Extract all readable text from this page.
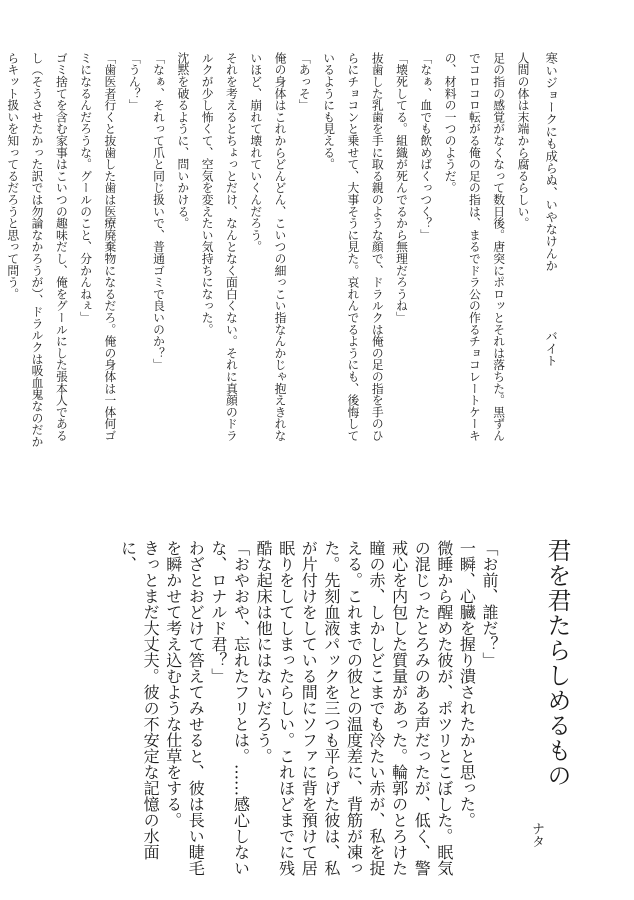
寒いジョークにも成らぬ、いやなけんか
バイト
人間の体は末端から腐るらしい。
足の指の感覚がなくなって数日後。唐突にポロッとそれは落ちた。黒ずんでコロコロ転がる俺の足の指は、まるでドラ公の作るチョコレートケーキの、材料の一つのようだ。
「なぁ、血でも飲めばくっつく？」
「壊死してる。組織が死んでるから無理だろうね」
抜歯した乳歯を手に取る親のような顔で、ドラルクは俺の足の指を手のひらにチョコンと乗せて、大事そうに見た。哀れんでるようにも、後悔しているようにも見える。
「あっそ」
俺の身体はこれからどんどん、こいつの細っこい指なんかじゃ抱えきれないほど、崩れて壊れていくんだろう。
それを考えるとちょっとだけ、なんとなく面白くない。それに真顔のドラルクが少し怖くて、空気を変えたい気持ちになった。
沈黙を破るように、問いかける。
「なぁ、それって爪と同じ扱いで、普通ゴミで良いのか？」
「うん？」
「歯医者行くと抜歯した歯は医療廃棄物になるだろ。俺の身体は一体何ゴミになるんだろうな。グールのこと、分かんねぇ」
ゴミ捨てを含む家事はこいつの趣味だし、俺をグールにした張本人であるし（そうさせたかった訳では勿論なかろうが）、ドラルクは吸血鬼なのだからキット扱いを知ってるだろうと思って問う。
君を君たらしめるもの
ナタ
「お前、誰だ？」
一瞬、心臓を握り潰されたかと思った。
微睡から醒めた彼が、ポツリとこぼした。眠気の混じったとろみのある声だったが、低く、警戒心を内包した質量があった。輪郭のとろけた瞳の赤、しかしどこまでも冷たい赤が、私を捉える。これまでの彼との温度差に、背筋が凍った。先刻血液パックを三つも平らげた彼は、私が片付けをしている間にソファに背を預けて居眠りをしてしまったらしい。これほどまでに残酷な起床は他にはないだろう。
「おやおや、忘れたフリとは。……感心しないな、ロナルド君？」
わざとおどけて答えてみせると、彼は長い睫毛を瞬かせて考え込むような仕草をする。
きっとまだ大丈夫。彼の不安定な記憶の水面に、
